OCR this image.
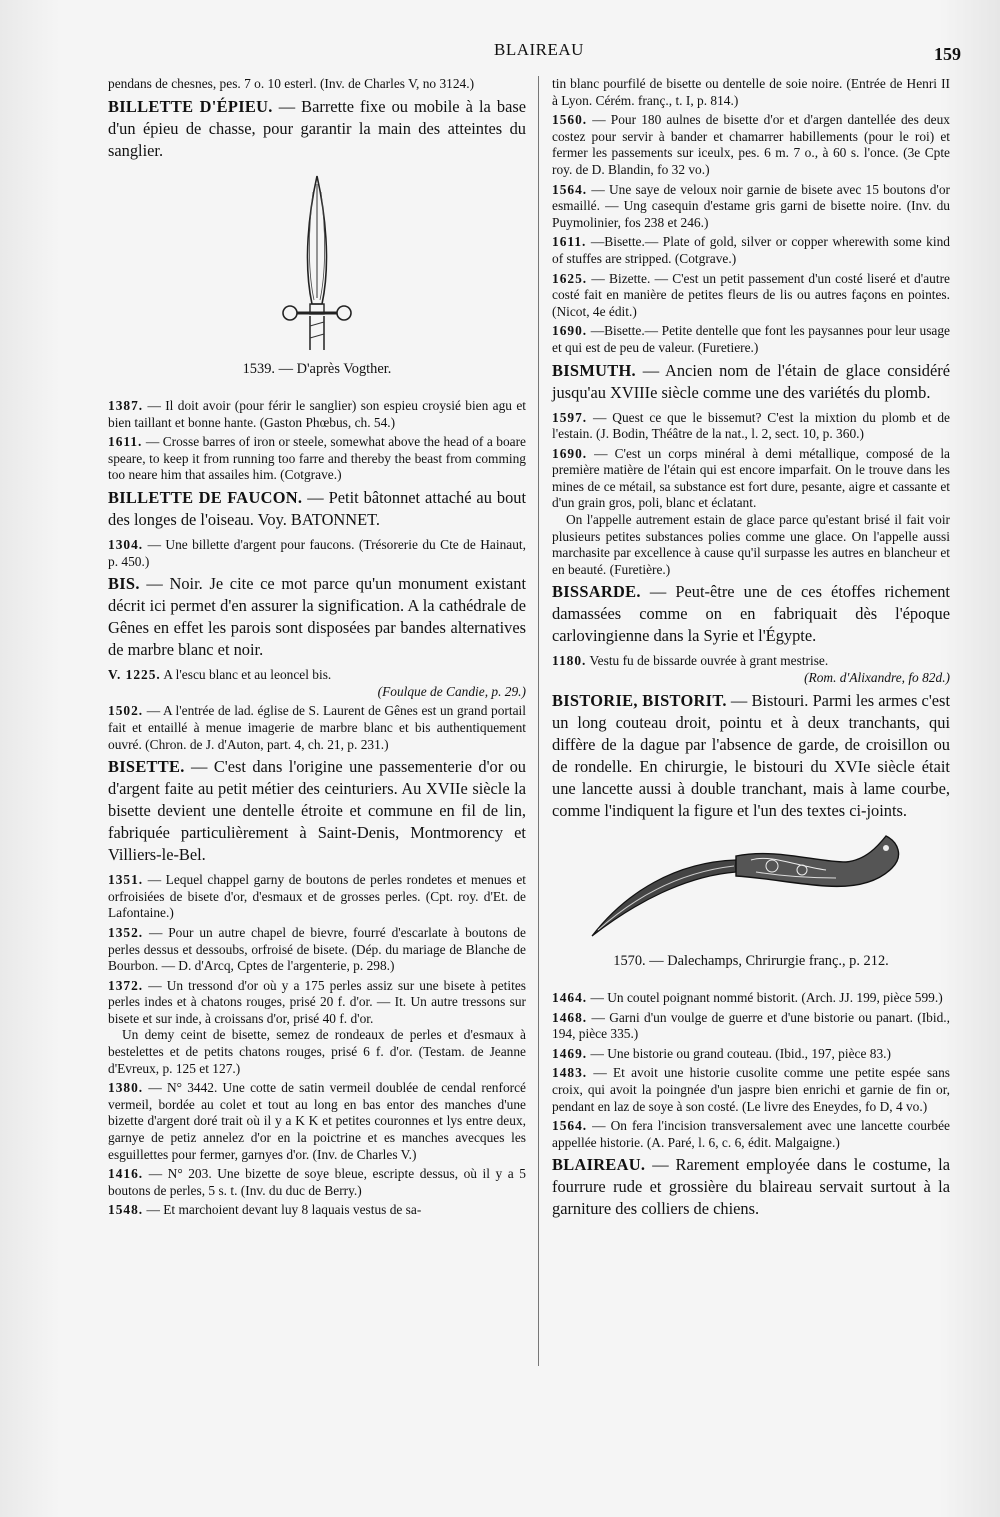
BLAIREAU	159

pendans de chesnes, pes. 7 o. 10 esterl. (Inv. de Charles V, no 3124.)

BILLETTE D'ÉPIEU. — Barrette fixe ou mobile à la base d'un épieu de chasse, pour garantir la main des atteintes du sanglier.

1539. — D'après Vogther.

1387. — Il doit avoir (pour férir le sanglier) son espieu croysié bien agu et bien taillant et bonne hante. (Gaston Phœbus, ch. 54.)

1611. — Crosse barres of iron or steele, somewhat above the head of a boare speare, to keep it from running too farre and thereby the beast from comming too neare him that assailes him. (Cotgrave.)

BILLETTE DE FAUCON. — Petit bâtonnet attaché au bout des longes de l'oiseau. Voy. BATONNET.

1304. — Une billette d'argent pour faucons. (Trésorerie du Cte de Hainaut, p. 450.)

BIS. — Noir. Je cite ce mot parce qu'un monument existant décrit ici permet d'en assurer la signification. A la cathédrale de Gênes en effet les parois sont disposées par bandes alternatives de marbre blanc et noir.

V. 1225. A l'escu blanc et au leoncel bis.

(Foulque de Candie, p. 29.)

1502. — A l'entrée de lad. église de S. Laurent de Gênes est un grand portail fait et entaillé à menue imagerie de marbre blanc et bis authentiquement ouvré. (Chron. de J. d'Auton, part. 4, ch. 21, p. 231.)

BISETTE. — C'est dans l'origine une passementerie d'or ou d'argent faite au petit métier des ceinturiers. Au XVIIe siècle la bisette devient une dentelle étroite et commune en fil de lin, fabriquée particulièrement à Saint-Denis, Montmorency et Villiers-le-Bel.

1351. — Lequel chappel garny de boutons de perles rondetes et menues et orfroisiées de bisete d'or, d'esmaux et de grosses perles. (Cpt. roy. d'Et. de Lafontaine.)

1352. — Pour un autre chapel de bievre, fourré d'escarlate à boutons de perles dessus et dessoubs, orfroisé de bisete. (Dép. du mariage de Blanche de Bourbon. — D. d'Arcq, Cptes de l'argenterie, p. 298.)

1372. — Un tressond d'or où y a 175 perles assiz sur une bisete à petites perles indes et à chatons rouges, prisé 20 f. d'or. — It. Un autre tressons sur bisete et sur inde, à croissans d'or, prisé 40 f. d'or.

Un demy ceint de bisette, semez de rondeaux de perles et d'esmaux à bestelettes et de petits chatons rouges, prisé 6 f. d'or. (Testam. de Jeanne d'Evreux, p. 125 et 127.)

1380. — N° 3442. Une cotte de satin vermeil doublée de cendal renforcé vermeil, bordée au colet et tout au long en bas entor des manches d'une bizette d'argent doré trait où il y a K K et petites couronnes et lys entre deux, garnye de petiz annelez d'or en la poictrine et es manches avecques les esguillettes pour fermer, garnyes d'or. (Inv. de Charles V.)

1416. — N° 203. Une bizette de soye bleue, escripte dessus, où il y a 5 boutons de perles, 5 s. t. (Inv. du duc de Berry.)

1548. — Et marchoient devant luy 8 laquais vestus de sa-

tin blanc pourfilé de bisette ou dentelle de soie noire. (Entrée de Henri II à Lyon. Cérém. franç., t. I, p. 814.)

1560. — Pour 180 aulnes de bisette d'or et d'argen dantellée des deux costez pour servir à bander et chamarrer habillements (pour le roi) et fermer les passements sur iceulx, pes. 6 m. 7 o., à 60 s. l'once. (3e Cpte roy. de D. Blandin, fo 32 vo.)

1564. — Une saye de veloux noir garnie de bisete avec 15 boutons d'or esmaillé. — Ung casequin d'estame gris garni de bisette noire. (Inv. du Puymolinier, fos 238 et 246.)

1611. —Bisette.— Plate of gold, silver or copper wherewith some kind of stuffes are stripped. (Cotgrave.)

1625. — Bizette. — C'est un petit passement d'un costé liseré et d'autre costé fait en manière de petites fleurs de lis ou autres façons en pointes. (Nicot, 4e édit.)

1690. —Bisette.— Petite dentelle que font les paysannes pour leur usage et qui est de peu de valeur. (Furetiere.)

BISMUTH. — Ancien nom de l'étain de glace considéré jusqu'au XVIIIe siècle comme une des variétés du plomb.

1597. — Quest ce que le bissemut? C'est la mixtion du plomb et de l'estain. (J. Bodin, Théâtre de la nat., l. 2, sect. 10, p. 360.)

1690. — C'est un corps minéral à demi métallique, composé de la première matière de l'étain qui est encore imparfait. On le trouve dans les mines de ce métail, sa substance est fort dure, pesante, aigre et cassante et d'un grain gros, poli, blanc et éclatant.

On l'appelle autrement estain de glace parce qu'estant brisé il fait voir plusieurs petites substances polies comme une glace. On l'appelle aussi marchasite par excellence à cause qu'il surpasse les autres en blancheur et en beauté. (Furetière.)

BISSARDE. — Peut-être une de ces étoffes richement damassées comme on en fabriquait dès l'époque carlovingienne dans la Syrie et l'Égypte.

1180. Vestu fu de bissarde ouvrée à grant mestrise.

(Rom. d'Alixandre, fo 82d.)

BISTORIE, BISTORIT. — Bistouri. Parmi les armes c'est un long couteau droit, pointu et à deux tranchants, qui diffère de la dague par l'absence de garde, de croisillon ou de rondelle. En chirurgie, le bistouri du XVIe siècle était une lancette aussi à double tranchant, mais à lame courbe, comme l'indiquent la figure et l'un des textes ci-joints.

1570. — Dalechamps, Chrirurgie franç., p. 212.

1464. — Un coutel poignant nommé bistorit. (Arch. JJ. 199, pièce 599.)

1468. — Garni d'un voulge de guerre et d'une bistorie ou panart. (Ibid., 194, pièce 335.)

1469. — Une bistorie ou grand couteau. (Ibid., 197, pièce 83.)

1483. — Et avoit une historie cusolite comme une petite espée sans croix, qui avoit la poingnée d'un jaspre bien enrichi et garnie de fin or, pendant en laz de soye à son costé. (Le livre des Eneydes, fo D, 4 vo.)

1564. — On fera l'incision transversalement avec une lancette courbée appellée historie. (A. Paré, l. 6, c. 6, édit. Malgaigne.)

BLAIREAU. — Rarement employée dans le costume, la fourrure rude et grossière du blaireau servait surtout à la garniture des colliers de chiens.
